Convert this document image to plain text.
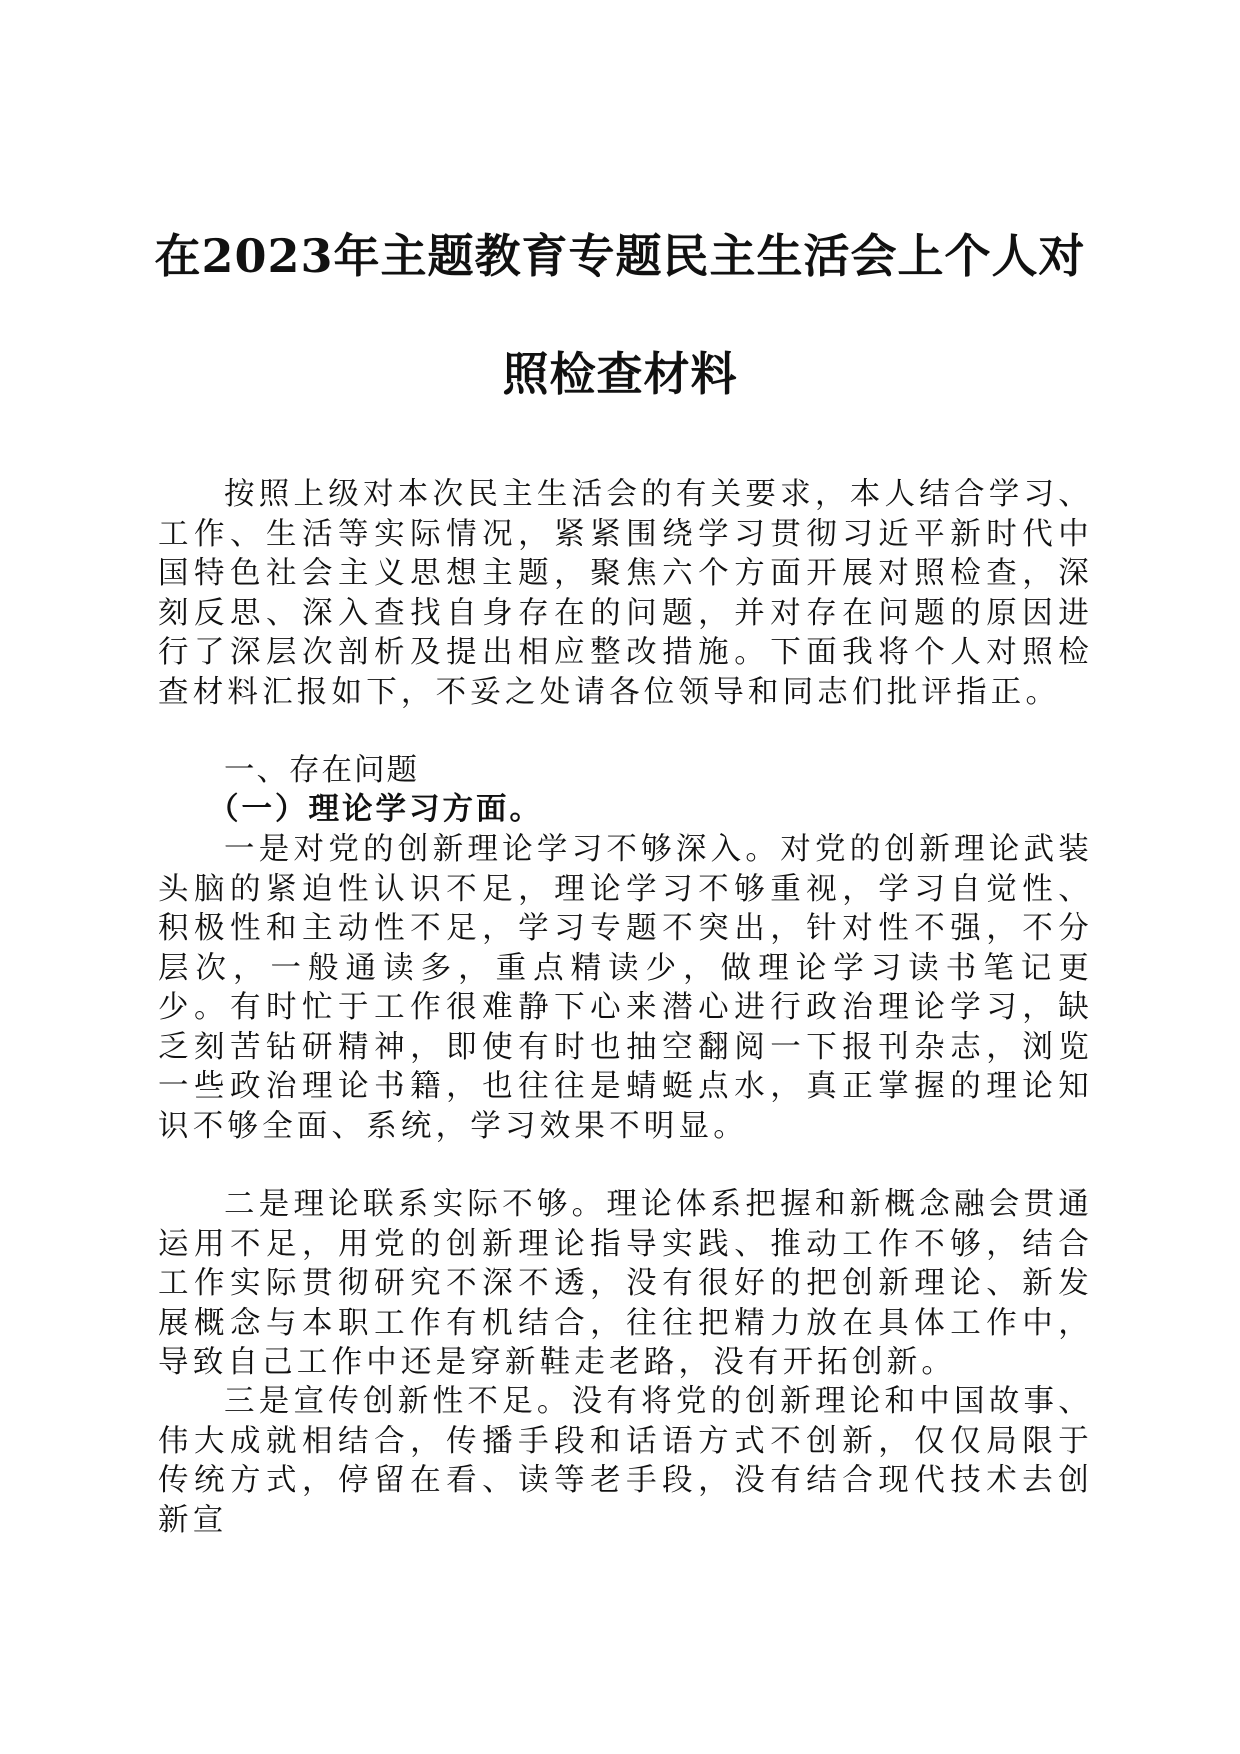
在2023年主题教育专题民主生活会上个人对
照检查材料

按照上级对本次民主生活会的有关要求，本人结合学习、工作、生活等实际情况，紧紧围绕学习贯彻习近平新时代中国特色社会主义思想主题，聚焦六个方面开展对照检查，深刻反思、深入查找自身存在的问题，并对存在问题的原因进行了深层次剖析及提出相应整改措施。下面我将个人对照检查材料汇报如下，不妥之处请各位领导和同志们批评指正。

一、存在问题
（一）理论学习方面。

一是对党的创新理论学习不够深入。对党的创新理论武装头脑的紧迫性认识不足，理论学习不够重视，学习自觉性、积极性和主动性不足，学习专题不突出，针对性不强，不分层次，一般通读多，重点精读少，做理论学习读书笔记更少。有时忙于工作很难静下心来潜心进行政治理论学习，缺乏刻苦钻研精神，即使有时也抽空翻阅一下报刊杂志，浏览一些政治理论书籍，也往往是蜻蜓点水，真正掌握的理论知识不够全面、系统，学习效果不明显。

二是理论联系实际不够。理论体系把握和新概念融会贯通运用不足，用党的创新理论指导实践、推动工作不够，结合工作实际贯彻研究不深不透，没有很好的把创新理论、新发展概念与本职工作有机结合，往往把精力放在具体工作中，导致自己工作中还是穿新鞋走老路，没有开拓创新。

三是宣传创新性不足。没有将党的创新理论和中国故事、伟大成就相结合，传播手段和话语方式不创新，仅仅局限于传统方式，停留在看、读等老手段，没有结合现代技术去创新宣
